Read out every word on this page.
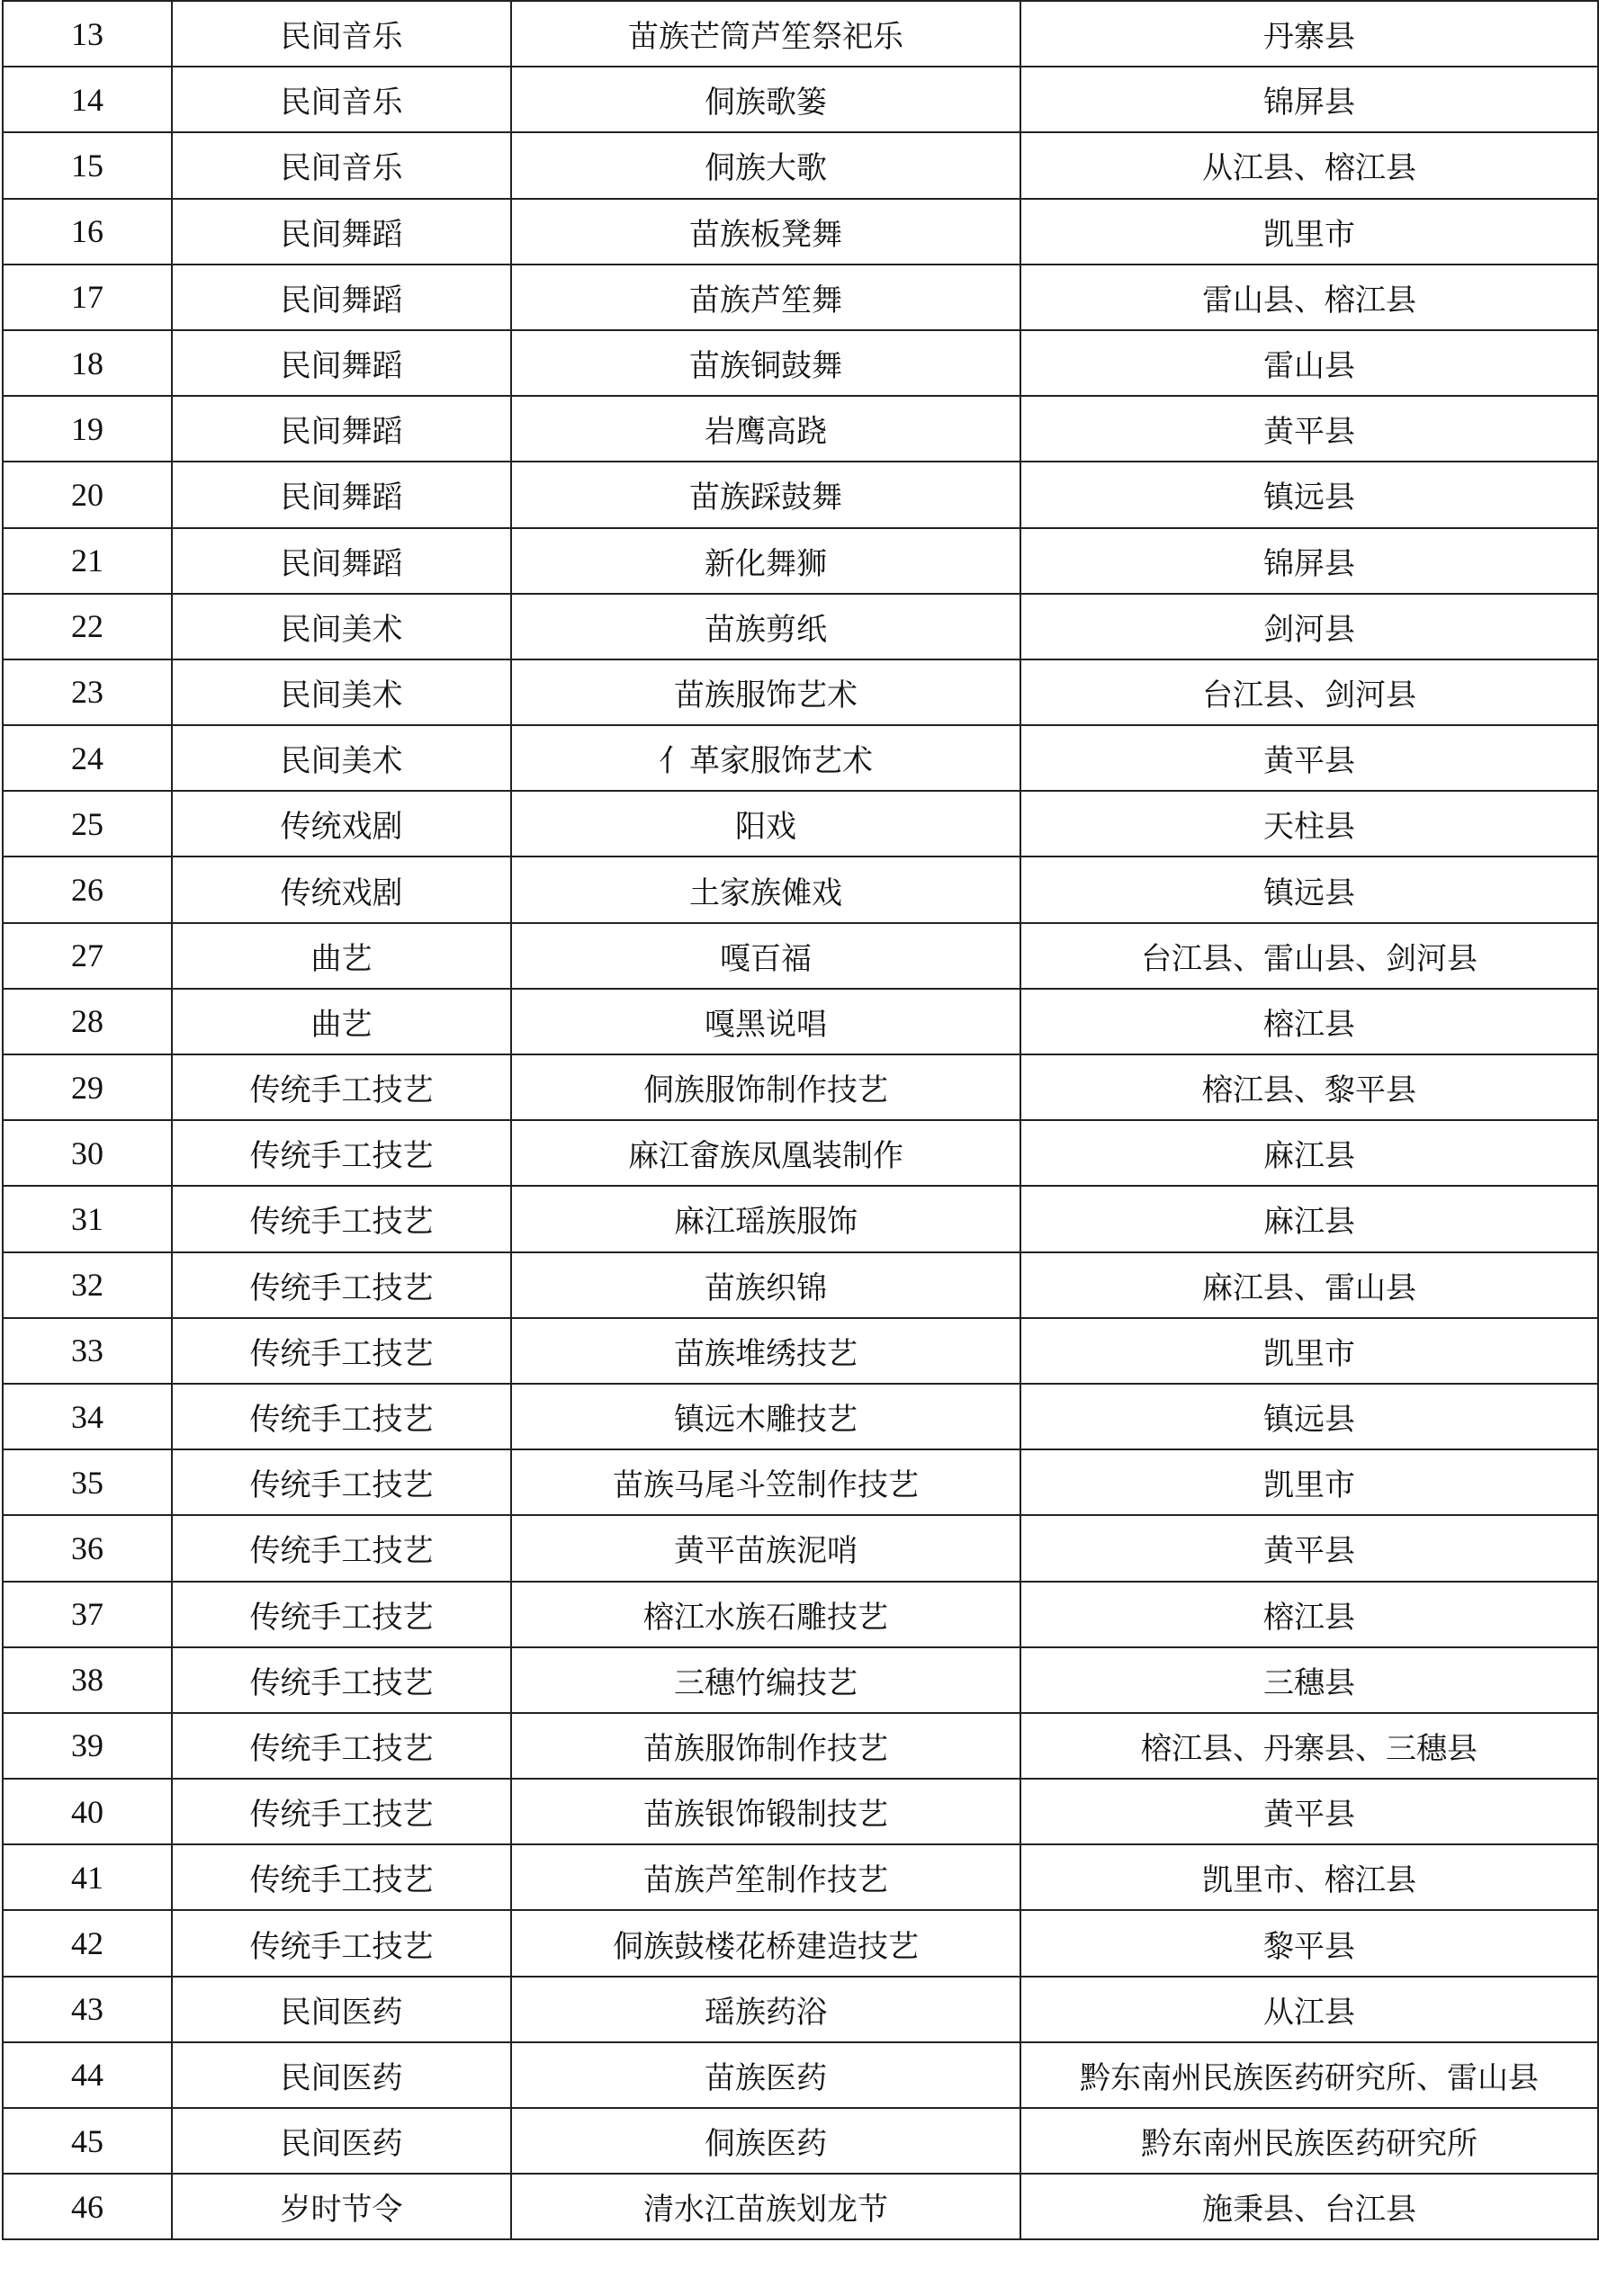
13	民间音乐	苗族芒筒芦笙祭祀乐	丹寨县
14	民间音乐	侗族歌篓	锦屏县
15	民间音乐	侗族大歌	从江县、榕江县
16	民间舞蹈	苗族板凳舞	凯里市
17	民间舞蹈	苗族芦笙舞	雷山县、榕江县
18	民间舞蹈	苗族铜鼓舞	雷山县
19	民间舞蹈	岩鹰高跷	黄平县
20	民间舞蹈	苗族踩鼓舞	镇远县
21	民间舞蹈	新化舞狮	锦屏县
22	民间美术	苗族剪纸	剑河县
23	民间美术	苗族服饰艺术	台江县、剑河县
24	民间美术	亻革家服饰艺术	黄平县
25	传统戏剧	阳戏	天柱县
26	传统戏剧	土家族傩戏	镇远县
27	曲艺	嘎百福	台江县、雷山县、剑河县
28	曲艺	嘎黑说唱	榕江县
29	传统手工技艺	侗族服饰制作技艺	榕江县、黎平县
30	传统手工技艺	麻江畲族凤凰装制作	麻江县
31	传统手工技艺	麻江瑶族服饰	麻江县
32	传统手工技艺	苗族织锦	麻江县、雷山县
33	传统手工技艺	苗族堆绣技艺	凯里市
34	传统手工技艺	镇远木雕技艺	镇远县
35	传统手工技艺	苗族马尾斗笠制作技艺	凯里市
36	传统手工技艺	黄平苗族泥哨	黄平县
37	传统手工技艺	榕江水族石雕技艺	榕江县
38	传统手工技艺	三穗竹编技艺	三穗县
39	传统手工技艺	苗族服饰制作技艺	榕江县、丹寨县、三穗县
40	传统手工技艺	苗族银饰锻制技艺	黄平县
41	传统手工技艺	苗族芦笙制作技艺	凯里市、榕江县
42	传统手工技艺	侗族鼓楼花桥建造技艺	黎平县
43	民间医药	瑶族药浴	从江县
44	民间医药	苗族医药	黔东南州民族医药研究所、雷山县
45	民间医药	侗族医药	黔东南州民族医药研究所
46	岁时节令	清水江苗族划龙节	施秉县、台江县
